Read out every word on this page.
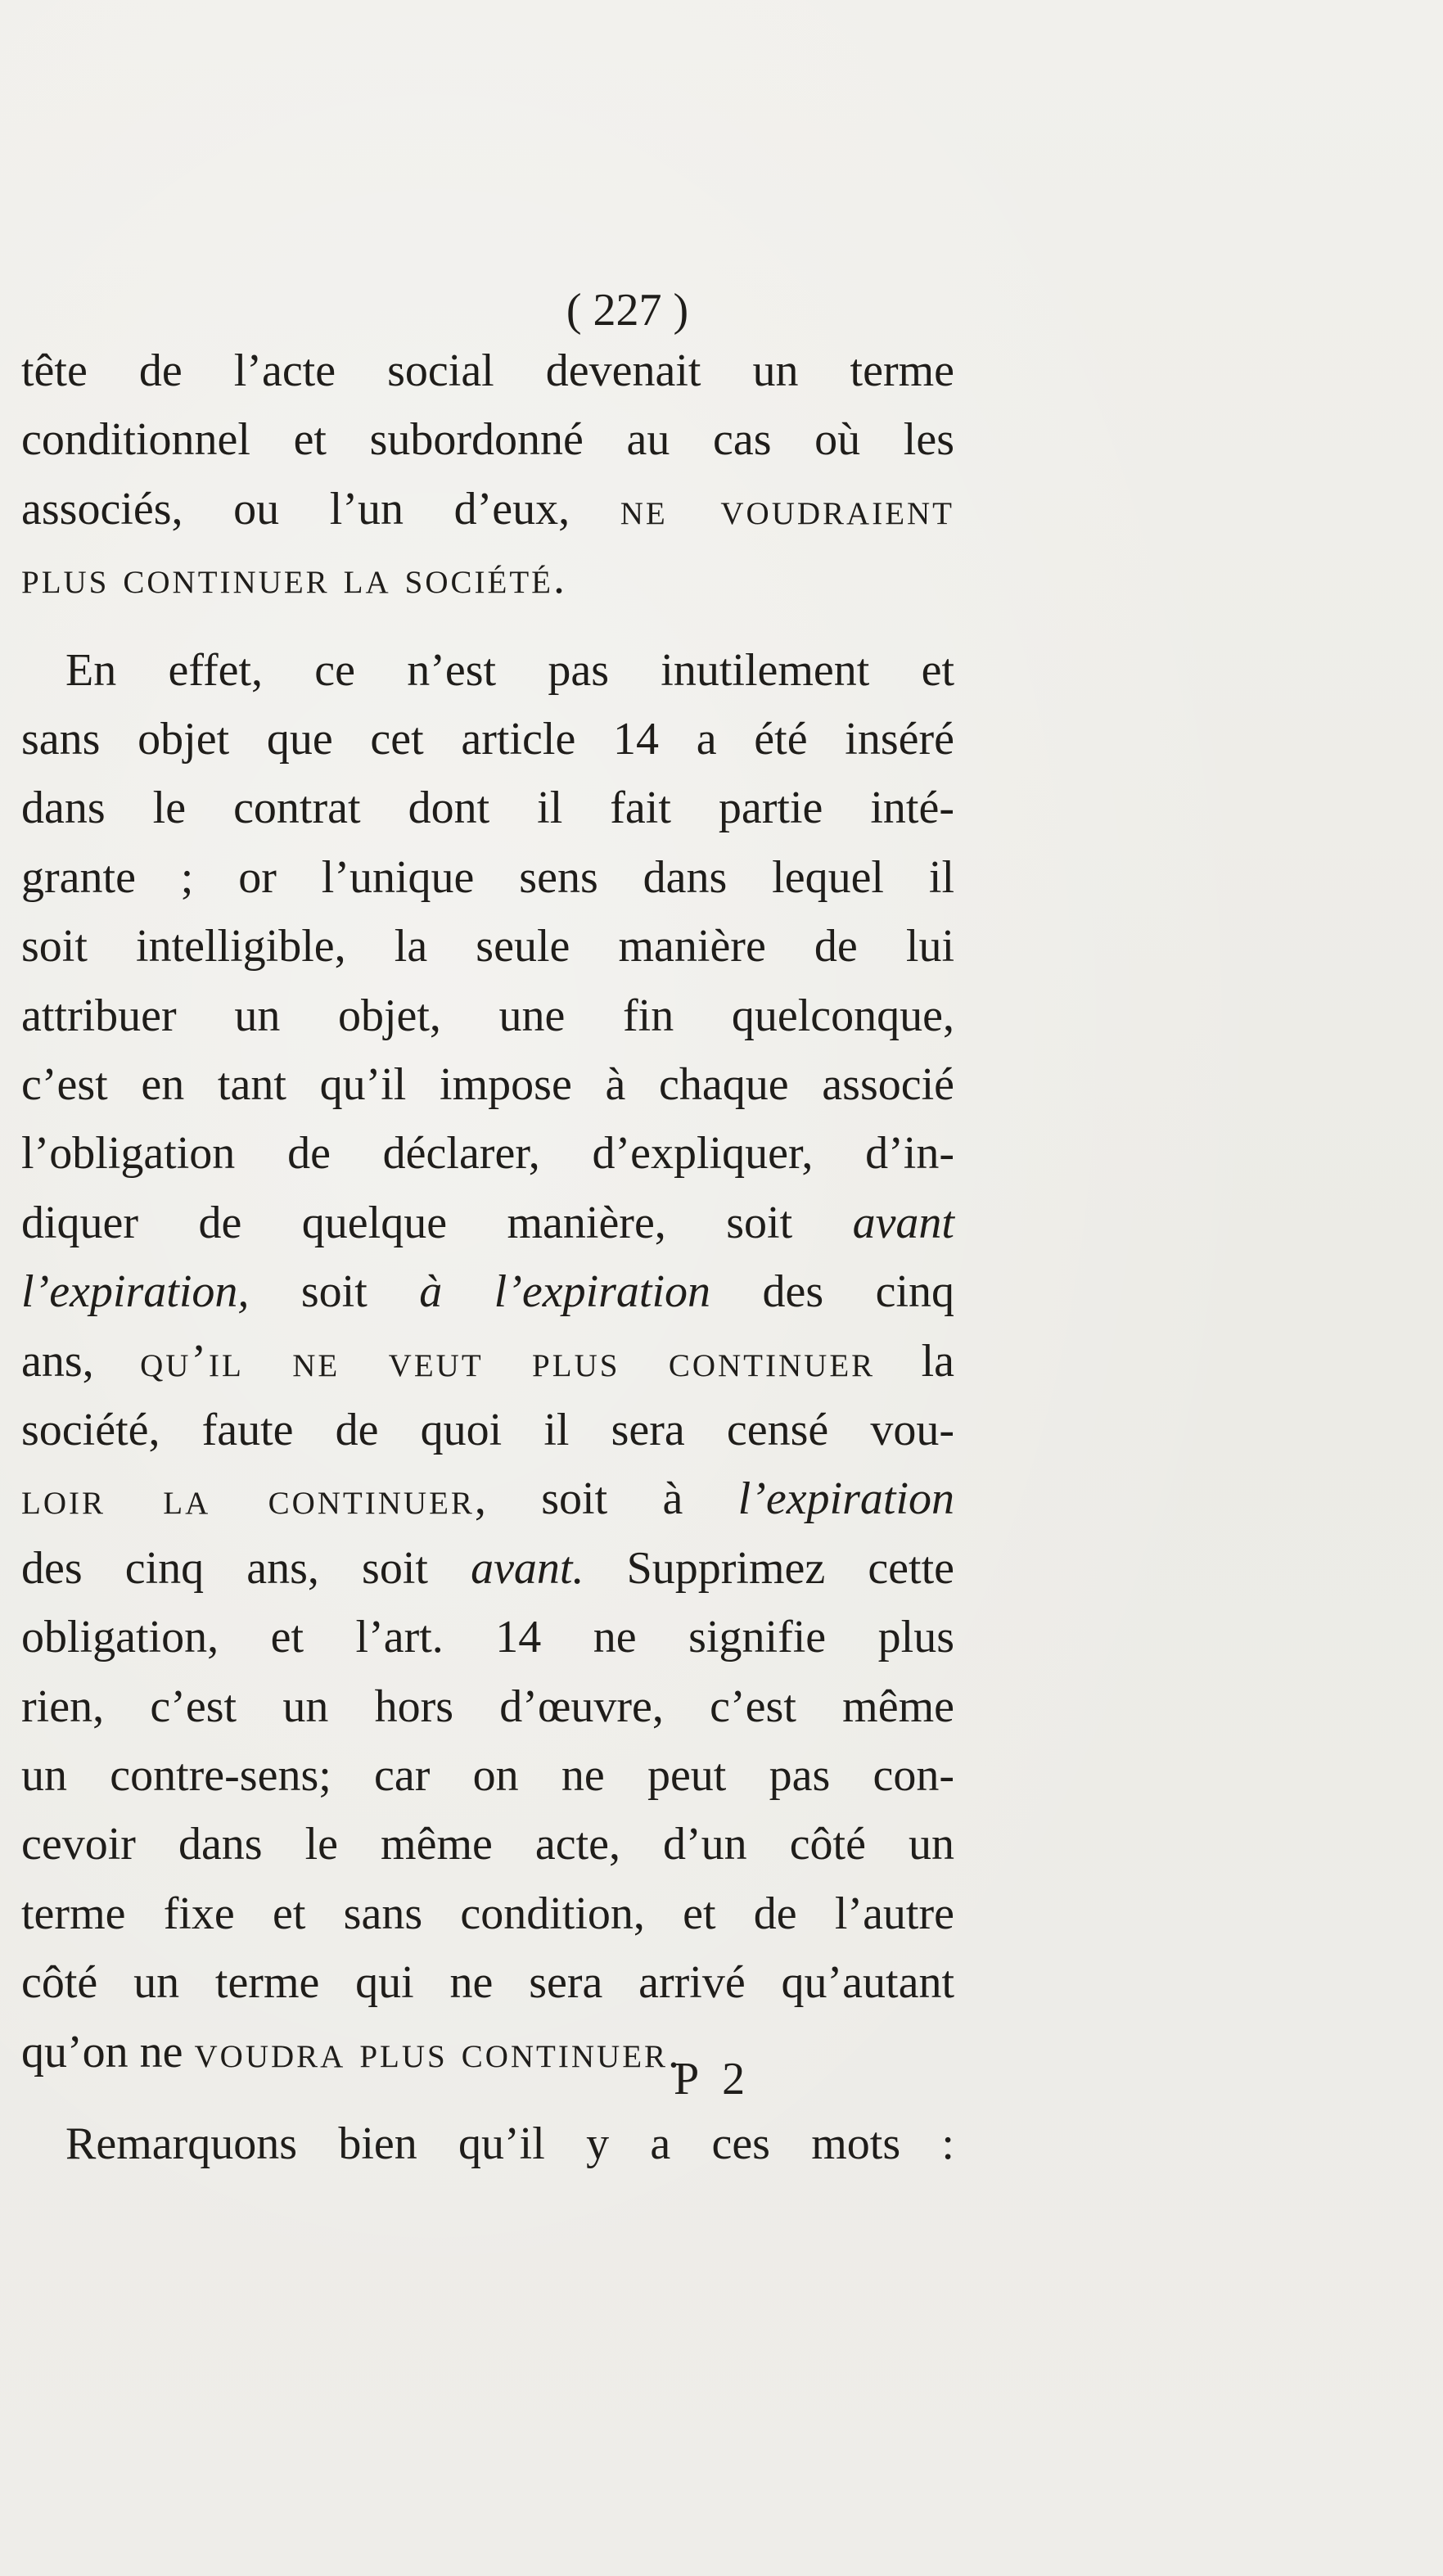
( 227 )
tête de l’acte social devenait un terme
conditionnel et subordonné au cas où les
associés, ou l’un d’eux, ne voudraient
plus continuer la société.
En effet, ce n’est pas inutilement et
sans objet que cet article 14 a été inséré
dans le contrat dont il fait partie inté-
grante ; or l’unique sens dans lequel il
soit intelligible, la seule manière de lui
attribuer un objet, une fin quelconque,
c’est en tant qu’il impose à chaque associé
l’obligation de déclarer, d’expliquer, d’in-
diquer de quelque manière, soit avant
l’expiration, soit à l’expiration des cinq
ans, qu’il ne veut plus continuer la
société, faute de quoi il sera censé vou-
loir la continuer, soit à l’expiration
des cinq ans, soit avant. Supprimez cette
obligation, et l’art. 14 ne signifie plus
rien, c’est un hors d’œuvre, c’est même
un contre-sens; car on ne peut pas con-
cevoir dans le même acte, d’un côté un
terme fixe et sans condition, et de l’autre
côté un terme qui ne sera arrivé qu’autant
qu’on ne voudra plus continuer.
Remarquons bien qu’il y a ces mots :
P 2
